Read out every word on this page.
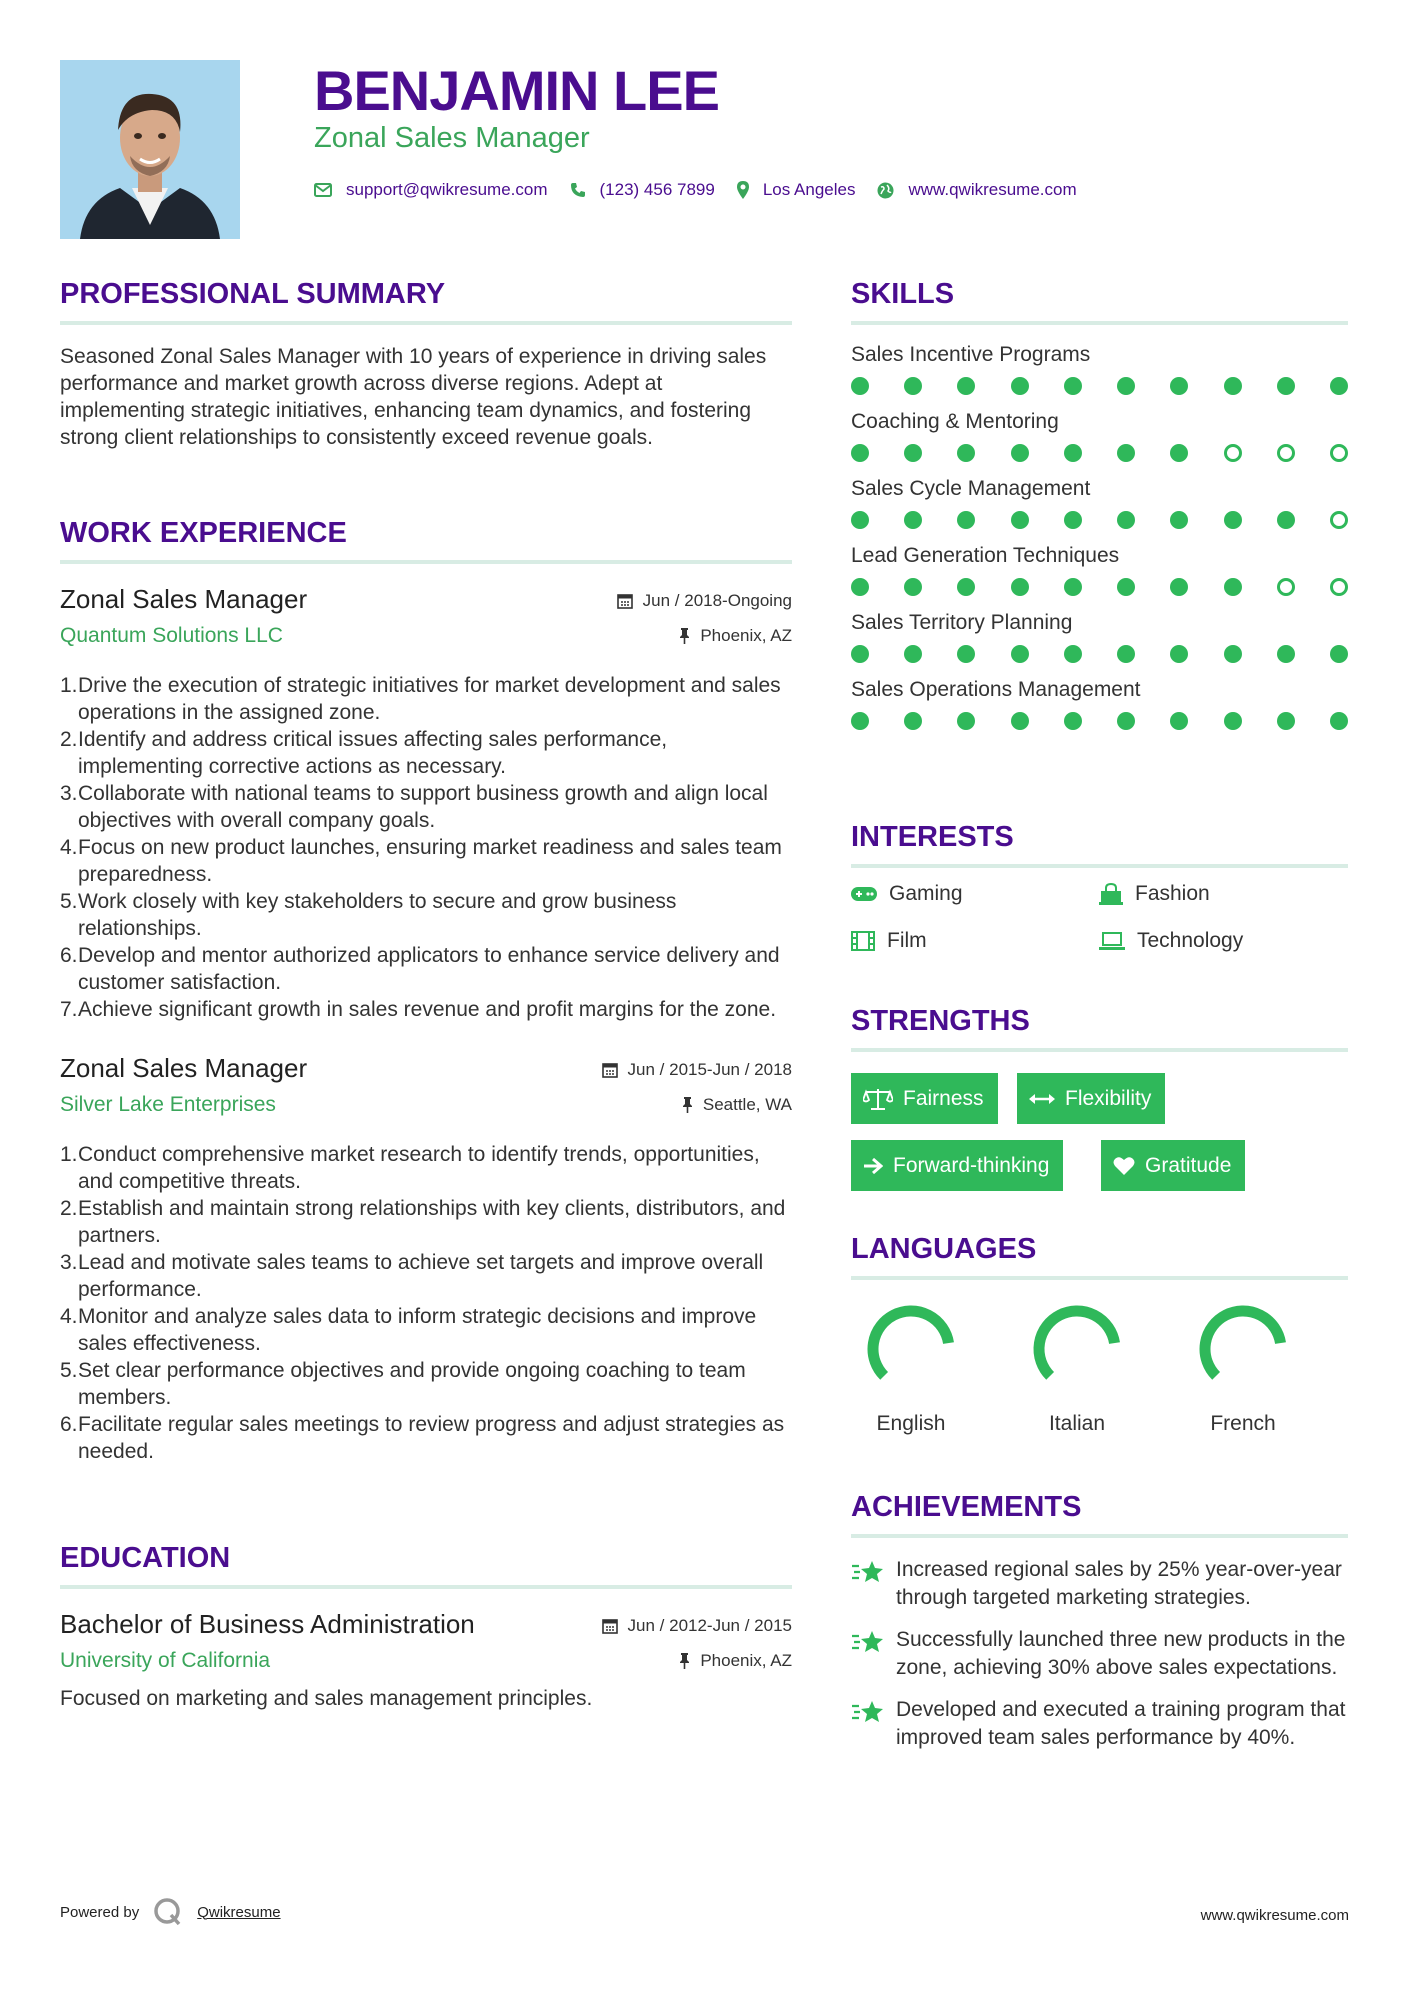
BENJAMIN LEE
Zonal Sales Manager
support@qwikresume.com	(123) 456 7899	Los Angeles	www.qwikresume.com
PROFESSIONAL SUMMARY
Seasoned Zonal Sales Manager with 10 years of experience in driving sales performance and market growth across diverse regions. Adept at implementing strategic initiatives, enhancing team dynamics, and fostering strong client relationships to consistently exceed revenue goals.
WORK EXPERIENCE
Zonal Sales Manager
Quantum Solutions LLC
Jun / 2018-Ongoing
Phoenix, AZ
1. Drive the execution of strategic initiatives for market development and sales operations in the assigned zone.
2. Identify and address critical issues affecting sales performance, implementing corrective actions as necessary.
3. Collaborate with national teams to support business growth and align local objectives with overall company goals.
4. Focus on new product launches, ensuring market readiness and sales team preparedness.
5. Work closely with key stakeholders to secure and grow business relationships.
6. Develop and mentor authorized applicators to enhance service delivery and customer satisfaction.
7. Achieve significant growth in sales revenue and profit margins for the zone.
Zonal Sales Manager
Silver Lake Enterprises
Jun / 2015-Jun / 2018
Seattle, WA
1. Conduct comprehensive market research to identify trends, opportunities, and competitive threats.
2. Establish and maintain strong relationships with key clients, distributors, and partners.
3. Lead and motivate sales teams to achieve set targets and improve overall performance.
4. Monitor and analyze sales data to inform strategic decisions and improve sales effectiveness.
5. Set clear performance objectives and provide ongoing coaching to team members.
6. Facilitate regular sales meetings to review progress and adjust strategies as needed.
EDUCATION
Bachelor of Business Administration
University of California
Jun / 2012-Jun / 2015
Phoenix, AZ
Focused on marketing and sales management principles.
SKILLS
Sales Incentive Programs
Coaching & Mentoring
Sales Cycle Management
Lead Generation Techniques
Sales Territory Planning
Sales Operations Management
INTERESTS
Gaming	Fashion
Film	Technology
STRENGTHS
Fairness	Flexibility
Forward-thinking	Gratitude
LANGUAGES
English	Italian	French
ACHIEVEMENTS
Increased regional sales by 25% year-over-year through targeted marketing strategies.
Successfully launched three new products in the zone, achieving 30% above sales expectations.
Developed and executed a training program that improved team sales performance by 40%.
Powered by	Qwikresume	www.qwikresume.com
